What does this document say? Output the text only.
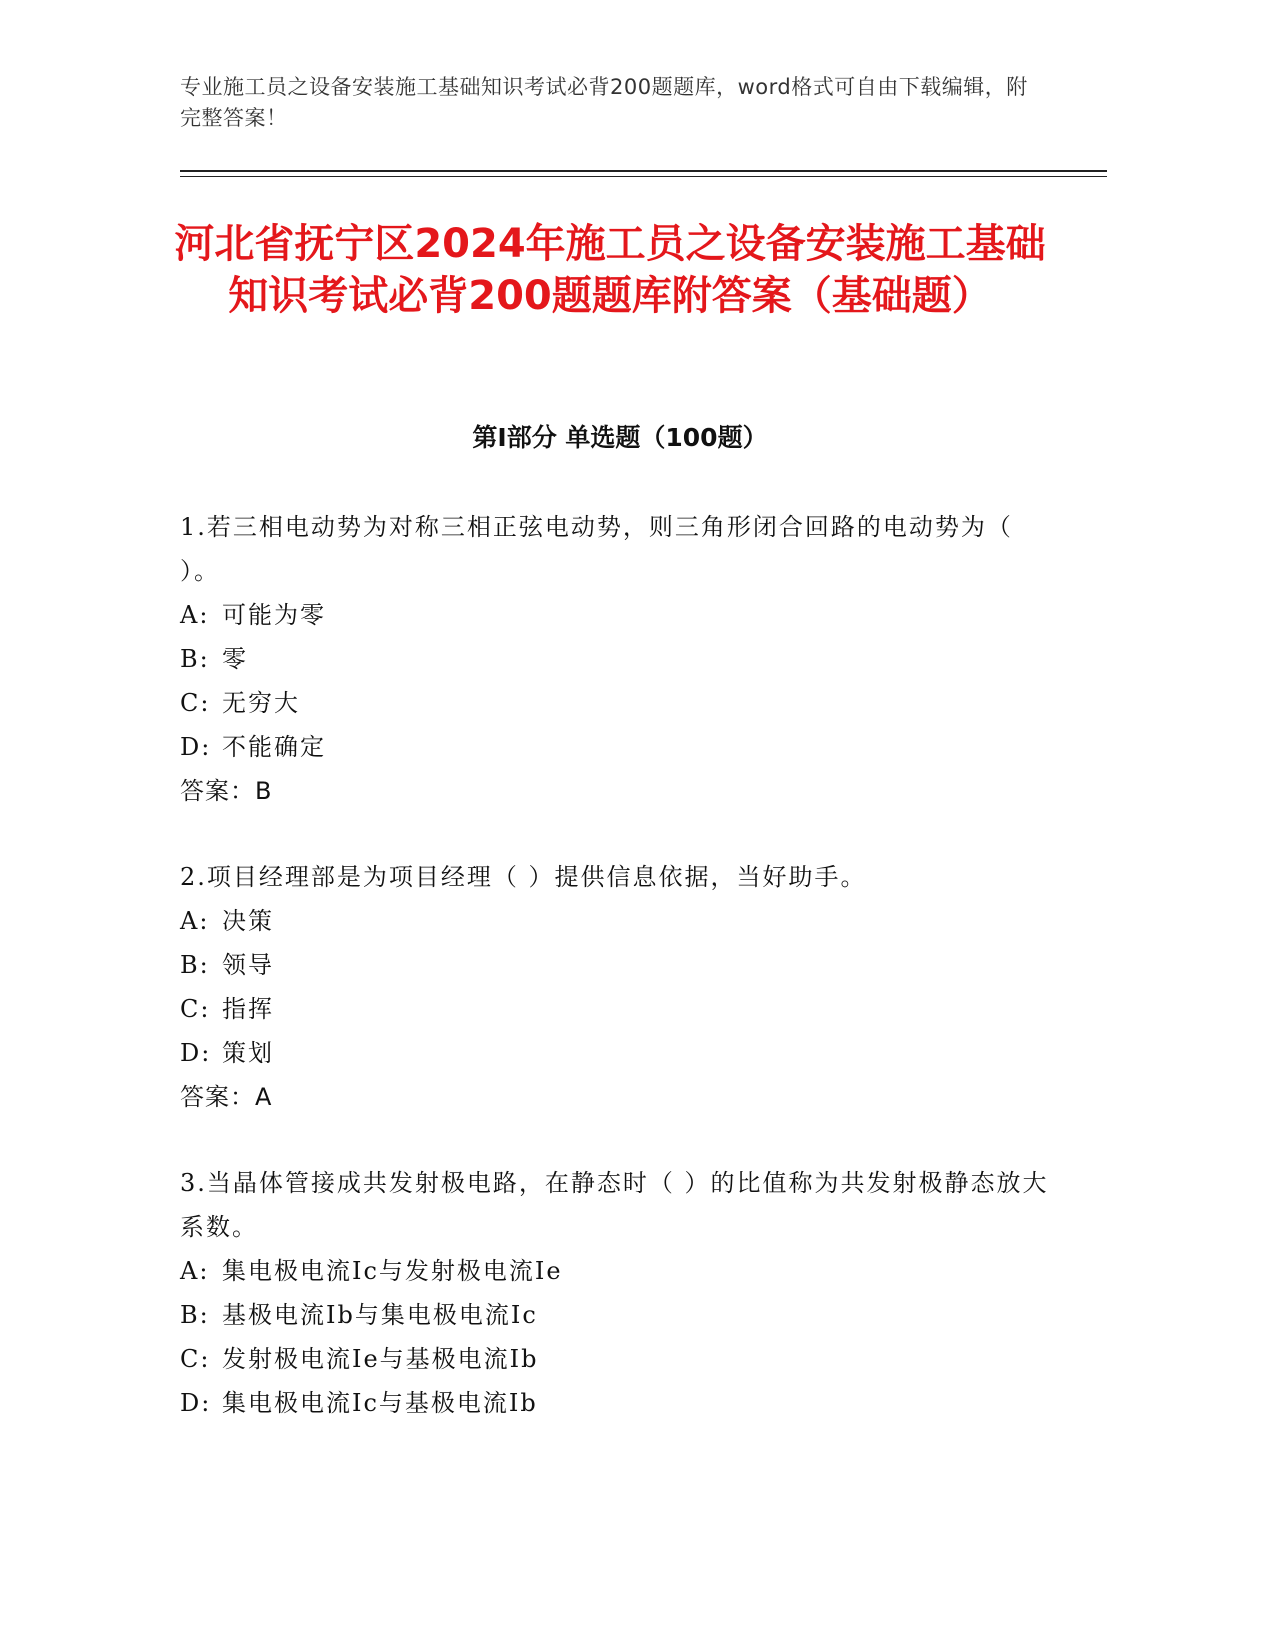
专业施工员之设备安装施工基础知识考试必背200题题库，word格式可自由下载编辑，附完整答案！
河北省抚宁区2024年施工员之设备安装施工基础知识考试必背200题题库附答案（基础题）
第Ⅰ部分 单选题（100题）
1.若三相电动势为对称三相正弦电动势，则三角形闭合回路的电动势为（ ）。
A: 可能为零
B: 零
C: 无穷大
D: 不能确定
答案：B
2.项目经理部是为项目经理（ ）提供信息依据，当好助手。
A: 决策
B: 领导
C: 指挥
D: 策划
答案：A
3.当晶体管接成共发射极电路，在静态时（ ）的比值称为共发射极静态放大系数。
A: 集电极电流Ic与发射极电流Ie
B: 基极电流Ib与集电极电流Ic
C: 发射极电流Ie与基极电流Ib
D: 集电极电流Ic与基极电流Ib
